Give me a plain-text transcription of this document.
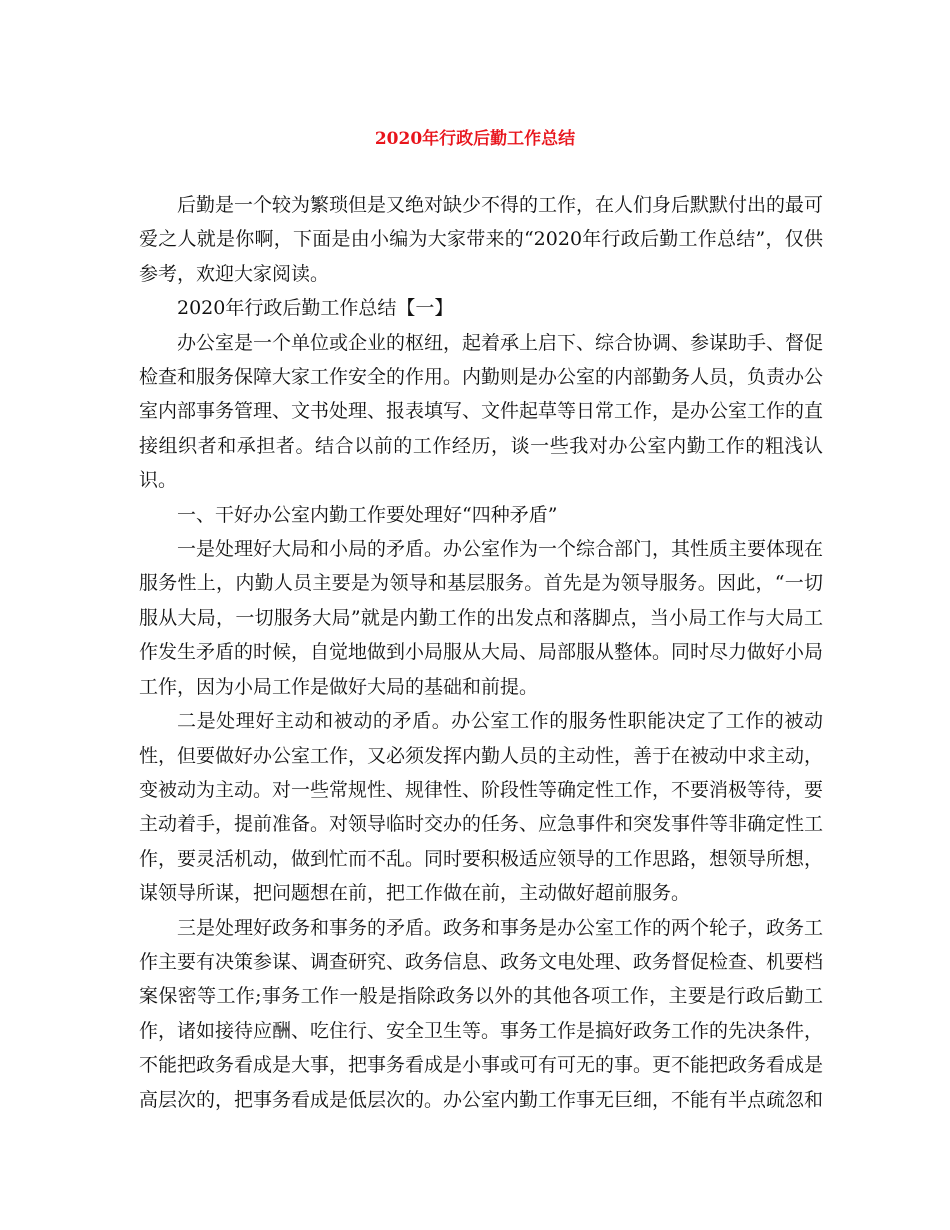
2020年行政后勤工作总结

后勤是一个较为繁琐但是又绝对缺少不得的工作，在人们身后默默付出的最可爱之人就是你啊，下面是由小编为大家带来的“2020年行政后勤工作总结”，仅供参考，欢迎大家阅读。

2020年行政后勤工作总结【一】

办公室是一个单位或企业的枢纽，起着承上启下、综合协调、参谋助手、督促检查和服务保障大家工作安全的作用。内勤则是办公室的内部勤务人员，负责办公室内部事务管理、文书处理、报表填写、文件起草等日常工作，是办公室工作的直接组织者和承担者。结合以前的工作经历，谈一些我对办公室内勤工作的粗浅认识。

一、干好办公室内勤工作要处理好“四种矛盾”

一是处理好大局和小局的矛盾。办公室作为一个综合部门，其性质主要体现在服务性上，内勤人员主要是为领导和基层服务。首先是为领导服务。因此，“一切服从大局，一切服务大局”就是内勤工作的出发点和落脚点，当小局工作与大局工作发生矛盾的时候，自觉地做到小局服从大局、局部服从整体。同时尽力做好小局工作，因为小局工作是做好大局的基础和前提。

二是处理好主动和被动的矛盾。办公室工作的服务性职能决定了工作的被动性，但要做好办公室工作，又必须发挥内勤人员的主动性，善于在被动中求主动，变被动为主动。对一些常规性、规律性、阶段性等确定性工作，不要消极等待，要主动着手，提前准备。对领导临时交办的任务、应急事件和突发事件等非确定性工作，要灵活机动，做到忙而不乱。同时要积极适应领导的工作思路，想领导所想，谋领导所谋，把问题想在前，把工作做在前，主动做好超前服务。

三是处理好政务和事务的矛盾。政务和事务是办公室工作的两个轮子，政务工作主要有决策参谋、调查研究、政务信息、政务文电处理、政务督促检查、机要档案保密等工作;事务工作一般是指除政务以外的其他各项工作，主要是行政后勤工作，诸如接待应酬、吃住行、安全卫生等。事务工作是搞好政务工作的先决条件，不能把政务看成是大事，把事务看成是小事或可有可无的事。更不能把政务看成是高层次的，把事务看成是低层次的。办公室内勤工作事无巨细，不能有半点疏忽和
